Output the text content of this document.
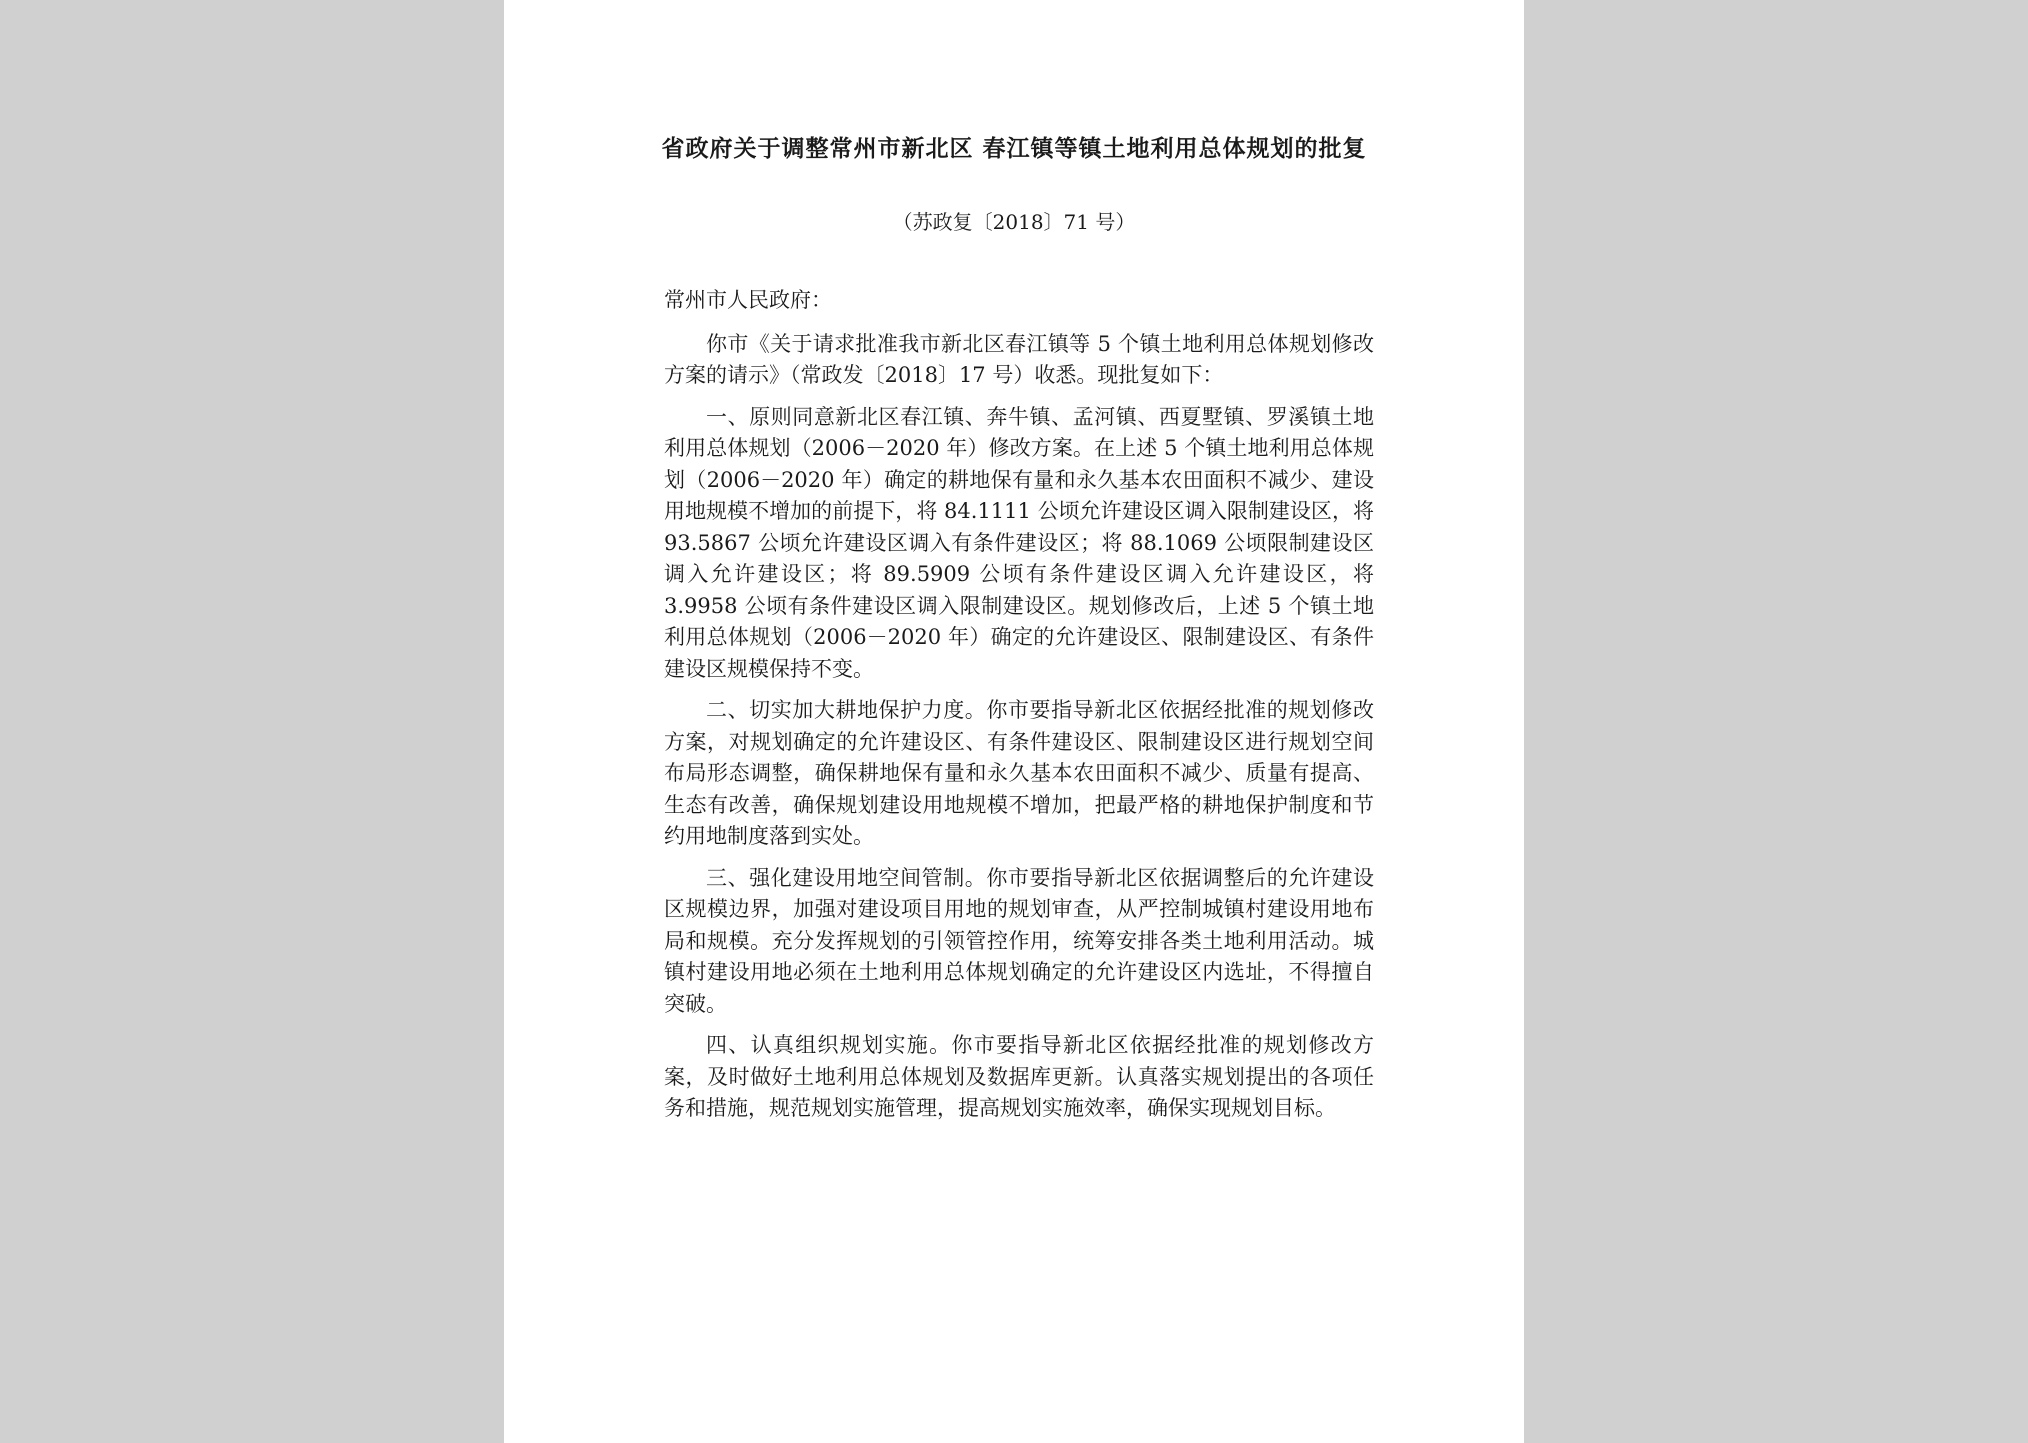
省政府关于调整常州市新北区 春江镇等镇土地利用总体规划的批复
（苏政复〔2018〕71 号）

常州市人民政府：

你市《关于请求批准我市新北区春江镇等 5 个镇土地利用总体规划修改方案的请示》（常政发〔2018〕17 号）收悉。现批复如下：

一、原则同意新北区春江镇、奔牛镇、孟河镇、西夏墅镇、罗溪镇土地利用总体规划（2006－2020 年）修改方案。在上述 5 个镇土地利用总体规划（2006－2020 年）确定的耕地保有量和永久基本农田面积不减少、建设用地规模不增加的前提下，将 84.1111 公顷允许建设区调入限制建设区，将 93.5867 公顷允许建设区调入有条件建设区；将 88.1069 公顷限制建设区调入允许建设区；将 89.5909 公顷有条件建设区调入允许建设区，将 3.9958 公顷有条件建设区调入限制建设区。规划修改后，上述 5 个镇土地利用总体规划（2006－2020 年）确定的允许建设区、限制建设区、有条件建设区规模保持不变。

二、切实加大耕地保护力度。你市要指导新北区依据经批准的规划修改方案，对规划确定的允许建设区、有条件建设区、限制建设区进行规划空间布局形态调整，确保耕地保有量和永久基本农田面积不减少、质量有提高、生态有改善，确保规划建设用地规模不增加，把最严格的耕地保护制度和节约用地制度落到实处。

三、强化建设用地空间管制。你市要指导新北区依据调整后的允许建设区规模边界，加强对建设项目用地的规划审查，从严控制城镇村建设用地布局和规模。充分发挥规划的引领管控作用，统筹安排各类土地利用活动。城镇村建设用地必须在土地利用总体规划确定的允许建设区内选址，不得擅自突破。

四、认真组织规划实施。你市要指导新北区依据经批准的规划修改方案，及时做好土地利用总体规划及数据库更新。认真落实规划提出的各项任务和措施，规范规划实施管理，提高规划实施效率，确保实现规划目标。
